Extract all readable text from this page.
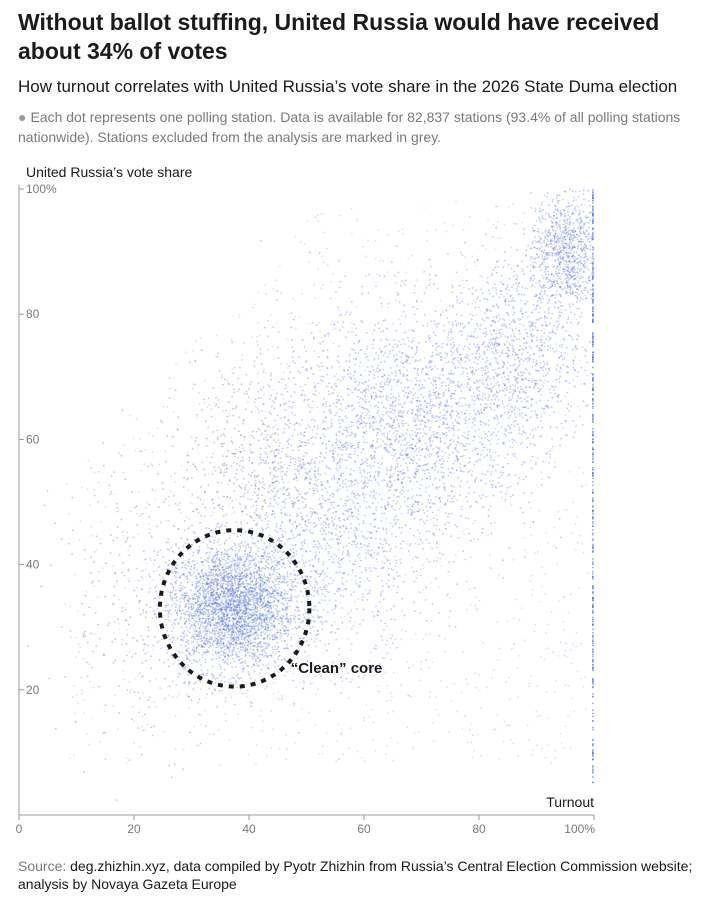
Without ballot stuffing, United Russia would have received about 34% of votes

How turnout correlates with United Russia’s vote share in the 2026 State Duma election

● Each dot represents one polling station. Data is available for 82,837 stations (93.4% of all polling stations nationwide). Stations excluded from the analysis are marked in grey.

United Russia’s vote share
20
40
60
80
100%
0	20	40	60	80	100%
“Clean” core
Turnout

Source: deg.zhizhin.xyz, data compiled by Pyotr Zhizhin from Russia’s Central Election Commission website; analysis by Novaya Gazeta Europe
